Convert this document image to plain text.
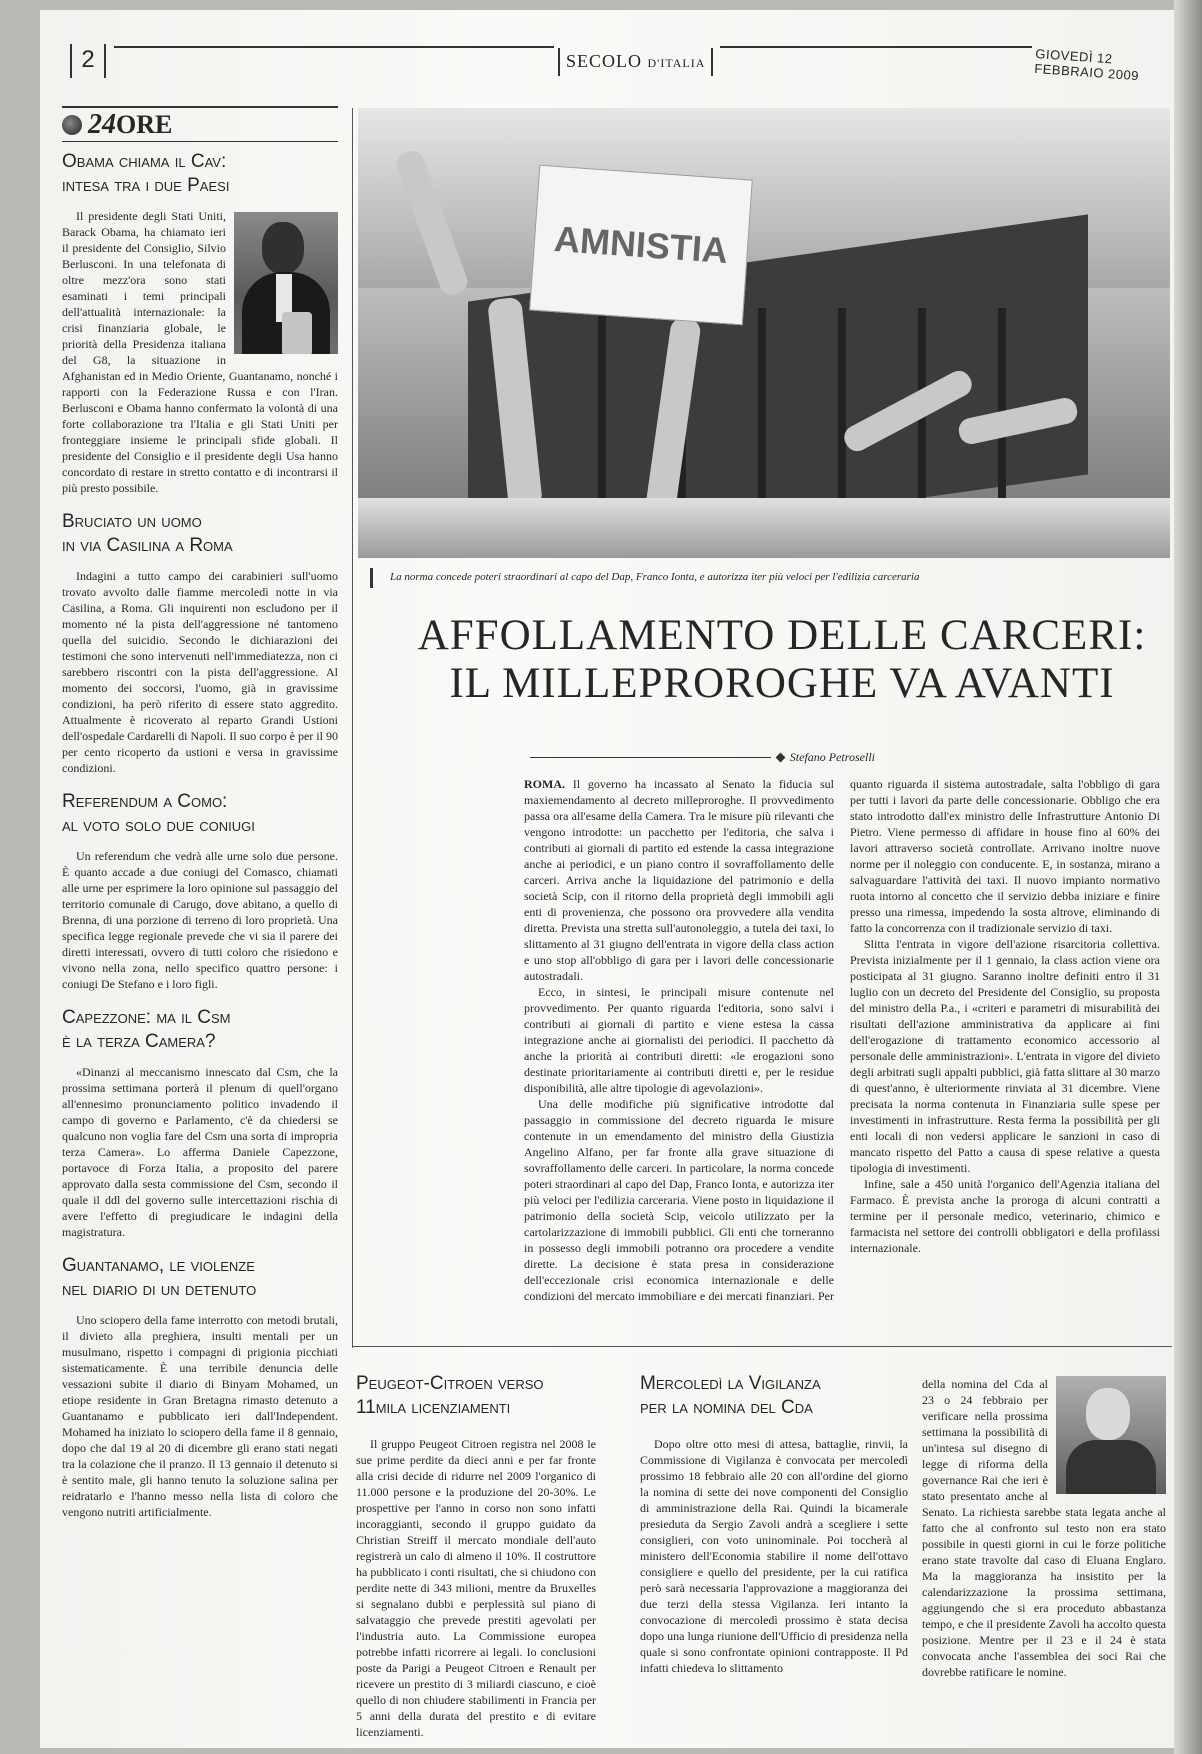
2	SECOLO D'ITALIA	GIOVEDÌ 12 FEBBRAIO 2009
24ORE
Obama chiama il Cav:
intesa tra i due Paesi

Il presidente degli Stati Uniti, Barack Obama, ha chiamato ieri il presidente del Consiglio, Silvio Berlusconi. In una telefonata di oltre mezz'ora sono stati esaminati i temi principali dell'attualità internazionale: la crisi finanziaria globale, le priorità della Presidenza italiana del G8, la situazione in Afghanistan ed in Medio Oriente, Guantanamo, nonché i rapporti con la Federazione Russa e con l'Iran. Berlusconi e Obama hanno confermato la volontà di una forte collaborazione tra l'Italia e gli Stati Uniti per fronteggiare insieme le principali sfide globali. Il presidente del Consiglio e il presidente degli Usa hanno concordato di restare in stretto contatto e di incontrarsi il più presto possibile.

Bruciato un uomo
in via Casilina a Roma

Indagini a tutto campo dei carabinieri sull'uomo trovato avvolto dalle fiamme mercoledì notte in via Casilina, a Roma. Gli inquirenti non escludono per il momento né la pista dell'aggressione né tantomeno quella del suicidio. Secondo le dichiarazioni dei testimoni che sono intervenuti nell'immediatezza, non ci sarebbero riscontri con la pista dell'aggressione. Al momento dei soccorsi, l'uomo, già in gravissime condizioni, ha però riferito di essere stato aggredito. Attualmente è ricoverato al reparto Grandi Ustioni dell'ospedale Cardarelli di Napoli. Il suo corpo è per il 90 per cento ricoperto da ustioni e versa in gravissime condizioni.

Referendum a Como:
al voto solo due coniugi

Un referendum che vedrà alle urne solo due persone. È quanto accade a due coniugi del Comasco, chiamati alle urne per esprimere la loro opinione sul passaggio del territorio comunale di Carugo, dove abitano, a quello di Brenna, di una porzione di terreno di loro proprietà. Una specifica legge regionale prevede che vi sia il parere dei diretti interessati, ovvero di tutti coloro che risiedono e vivono nella zona, nello specifico quattro persone: i coniugi De Stefano e i loro figli.

Capezzone: ma il Csm
è la terza Camera?

«Dinanzi al meccanismo innescato dal Csm, che la prossima settimana porterà il plenum di quell'organo all'ennesimo pronunciamento politico invadendo il campo di governo e Parlamento, c'è da chiedersi se qualcuno non voglia fare del Csm una sorta di impropria terza Camera». Lo afferma Daniele Capezzone, portavoce di Forza Italia, a proposito del parere approvato dalla sesta commissione del Csm, secondo il quale il ddl del governo sulle intercettazioni rischia di avere l'effetto di pregiudicare le indagini della magistratura.

Guantanamo, le violenze
nel diario di un detenuto

Uno sciopero della fame interrotto con metodi brutali, il divieto alla preghiera, insulti mentali per un musulmano, rispetto i compagni di prigionia picchiati sistematicamente. È una terribile denuncia delle vessazioni subite il diario di Binyam Mohamed, un etiope residente in Gran Bretagna rimasto detenuto a Guantanamo e pubblicato ieri dall'Independent. Mohamed ha iniziato lo sciopero della fame il 8 gennaio, dopo che dal 19 al 20 di dicembre gli erano stati negati tra la colazione che il pranzo. Il 13 gennaio il detenuto si è sentito male, gli hanno tenuto la soluzione salina per reidratarlo e l'hanno messo nella lista di coloro che vengono nutriti artificialmente.

AMNISTIA
La norma concede poteri straordinari al capo del Dap, Franco Ionta, e autorizza iter più veloci per l'edilizia carceraria
AFFOLLAMENTO DELLE CARCERI:
IL MILLEPROROGHE VA AVANTI
Stefano Petroselli

ROMA. Il governo ha incassato al Senato la fiducia sul maxiemendamento al decreto milleproroghe. Il provvedimento passa ora all'esame della Camera. Tra le misure più rilevanti che vengono introdotte: un pacchetto per l'editoria, che salva i contributi ai giornali di partito ed estende la cassa integrazione anche ai periodici, e un piano contro il sovraffollamento delle carceri. Arriva anche la liquidazione del patrimonio e della società Scip, con il ritorno della proprietà degli immobili agli enti di provenienza, che possono ora provvedere alla vendita diretta. Prevista una stretta sull'autonoleggio, a tutela dei taxi, lo slittamento al 31 giugno dell'entrata in vigore della class action e uno stop all'obbligo di gara per i lavori delle concessionarie autostradali.

Ecco, in sintesi, le principali misure contenute nel provvedimento. Per quanto riguarda l'editoria, sono salvi i contributi ai giornali di partito e viene estesa la cassa integrazione anche ai giornalisti dei periodici. Il pacchetto dà anche la priorità ai contributi diretti: «le erogazioni sono destinate prioritariamente ai contributi diretti e, per le residue disponibilità, alle altre tipologie di agevolazioni».

Una delle modifiche più significative introdotte dal passaggio in commissione del decreto riguarda le misure contenute in un emendamento del ministro della Giustizia Angelino Alfano, per far fronte alla grave situazione di sovraffollamento delle carceri. In particolare, la norma concede poteri straordinari al capo del Dap, Franco Ionta, e autorizza iter più veloci per l'edilizia carceraria. Viene posto in liquidazione il patrimonio della società Scip, veicolo utilizzato per la cartolarizzazione di immobili pubblici. Gli enti che torneranno in possesso degli immobili potranno ora procedere a vendite dirette. La decisione è stata presa in considerazione dell'eccezionale crisi economica internazionale e delle condizioni del mercato immobiliare e dei mercati finanziari. Per quanto riguarda il sistema autostradale, salta l'obbligo di gara per tutti i lavori da parte delle concessionarie. Obbligo che era stato introdotto dall'ex ministro delle Infrastrutture Antonio Di Pietro. Viene permesso di affidare in house fino al 60% dei lavori attraverso società controllate. Arrivano inoltre nuove norme per il noleggio con conducente. E, in sostanza, mirano a salvaguardare l'attività dei taxi. Il nuovo impianto normativo ruota intorno al concetto che il servizio debba iniziare e finire presso una rimessa, impedendo la sosta altrove, eliminando di fatto la concorrenza con il tradizionale servizio di taxi.

Slitta l'entrata in vigore dell'azione risarcitoria collettiva. Prevista inizialmente per il 1 gennaio, la class action viene ora posticipata al 31 giugno. Saranno inoltre definiti entro il 31 luglio con un decreto del Presidente del Consiglio, su proposta del ministro della P.a., i «criteri e parametri di misurabilità dei risultati dell'azione amministrativa da applicare ai fini dell'erogazione di trattamento economico accessorio al personale delle amministrazioni». L'entrata in vigore del divieto degli arbitrati sugli appalti pubblici, già fatta slittare al 30 marzo di quest'anno, è ulteriormente rinviata al 31 dicembre. Viene precisata la norma contenuta in Finanziaria sulle spese per investimenti in infrastrutture. Resta ferma la possibilità per gli enti locali di non vedersi applicare le sanzioni in caso di mancato rispetto del Patto a causa di spese relative a questa tipologia di investimenti.

Infine, sale a 450 unità l'organico dell'Agenzia italiana del Farmaco. È prevista anche la proroga di alcuni contratti a termine per il personale medico, veterinario, chimico e farmacista nel settore dei controlli obbligatori e della profilassi internazionale.

Peugeot-Citroen verso
11mila licenziamenti

Il gruppo Peugeot Citroen registra nel 2008 le sue prime perdite da dieci anni e per far fronte alla crisi decide di ridurre nel 2009 l'organico di 11.000 persone e la produzione del 20-30%. Le prospettive per l'anno in corso non sono infatti incoraggianti, secondo il gruppo guidato da Christian Streiff il mercato mondiale dell'auto registrerà un calo di almeno il 10%. Il costruttore ha pubblicato i conti risultati, che si chiudono con perdite nette di 343 milioni, mentre da Bruxelles si segnalano dubbi e perplessità sul piano di salvataggio che prevede prestiti agevolati per l'industria auto. La Commissione europea potrebbe infatti ricorrere ai legali. Io conclusioni poste da Parigi a Peugeot Citroen e Renault per ricevere un prestito di 3 miliardi ciascuno, e cioè quello di non chiudere stabilimenti in Francia per 5 anni della durata del prestito e di evitare licenziamenti.

Mercoledì la Vigilanza
per la nomina del Cda

Dopo oltre otto mesi di attesa, battaglie, rinvii, la Commissione di Vigilanza è convocata per mercoledì prossimo 18 febbraio alle 20 con all'ordine del giorno la nomina di sette dei nove componenti del Consiglio di amministrazione della Rai. Quindi la bicamerale presieduta da Sergio Zavoli andrà a scegliere i sette consiglieri, con voto uninominale. Poi toccherà al ministero dell'Economia stabilire il nome dell'ottavo consigliere e quello del presidente, per la cui ratifica però sarà necessaria l'approvazione a maggioranza dei due terzi della stessa Vigilanza. Ieri intanto la convocazione di mercoledì prossimo è stata decisa dopo una lunga riunione dell'Ufficio di presidenza nella quale si sono confrontate opinioni contrapposte. Il Pd infatti chiedeva lo slittamento

della nomina del Cda al 23 o 24 febbraio per verificare nella prossima settimana la possibilità di un'intesa sul disegno di legge di riforma della governance Rai che ieri è stato presentato anche al Senato. La richiesta sarebbe stata legata anche al fatto che al confronto sul testo non era stato possibile in questi giorni in cui le forze politiche erano state travolte dal caso di Eluana Englaro. Ma la maggioranza ha insistito per la calendarizzazione la prossima settimana, aggiungendo che si era proceduto abbastanza tempo, e che il presidente Zavoli ha accolto questa posizione. Mentre per il 23 e il 24 è stata convocata anche l'assemblea dei soci Rai che dovrebbe ratificare le nomine.
